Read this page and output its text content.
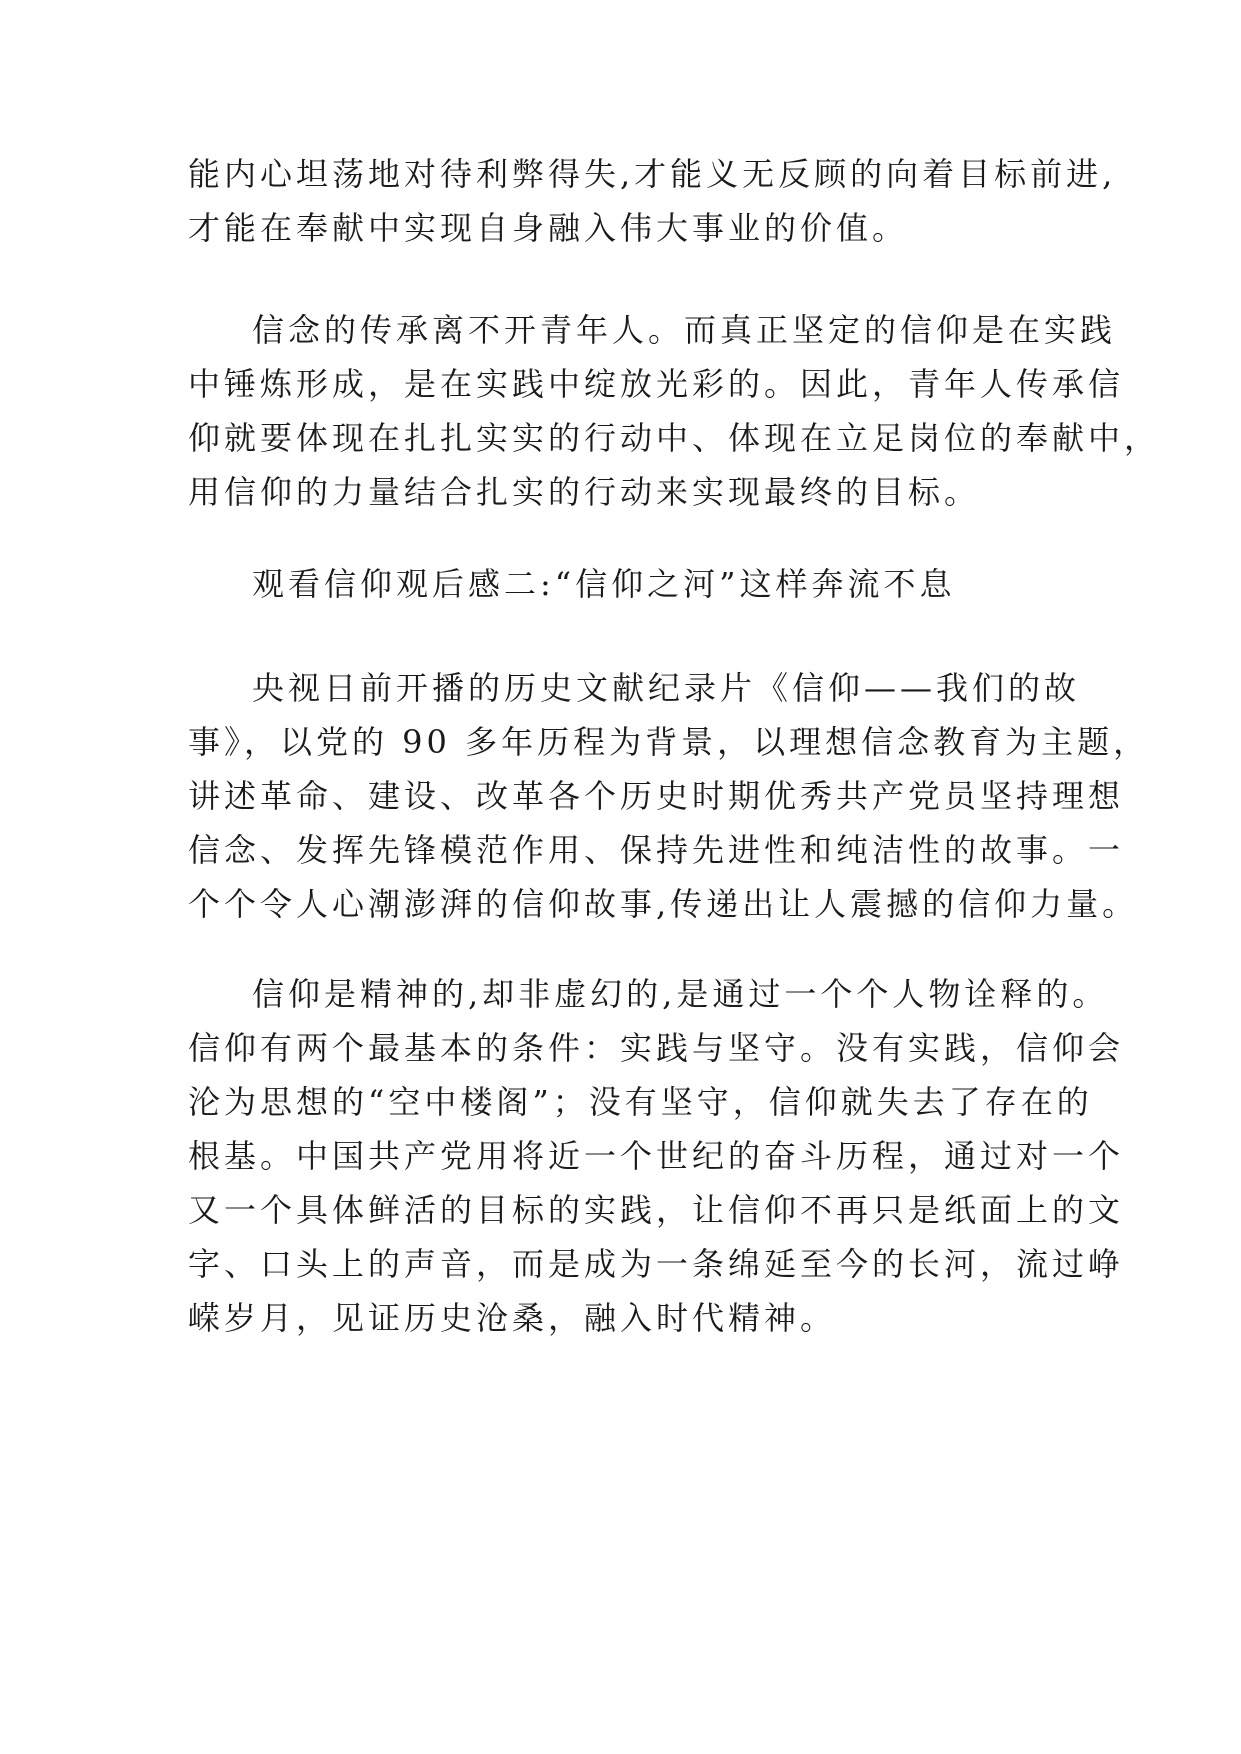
能内心坦荡地对待利弊得失,才能义无反顾的向着目标前进,
才能在奉献中实现自身融入伟大事业的价值。

信念的传承离不开青年人。而真正坚定的信仰是在实践
中锤炼形成，是在实践中绽放光彩的。因此，青年人传承信
仰就要体现在扎扎实实的行动中、体现在立足岗位的奉献中，
用信仰的力量结合扎实的行动来实现最终的目标。

观看信仰观后感二:“信仰之河”这样奔流不息

央视日前开播的历史文献纪录片《信仰——我们的故
事》，以党的 90 多年历程为背景，以理想信念教育为主题，
讲述革命、建设、改革各个历史时期优秀共产党员坚持理想
信念、发挥先锋模范作用、保持先进性和纯洁性的故事。一
个个令人心潮澎湃的信仰故事,传递出让人震撼的信仰力量。

信仰是精神的,却非虚幻的,是通过一个个人物诠释的。
信仰有两个最基本的条件：实践与坚守。没有实践，信仰会
沦为思想的“空中楼阁”；没有坚守，信仰就失去了存在的
根基。中国共产党用将近一个世纪的奋斗历程，通过对一个
又一个具体鲜活的目标的实践，让信仰不再只是纸面上的文
字、口头上的声音，而是成为一条绵延至今的长河，流过峥
嵘岁月，见证历史沧桑，融入时代精神。
